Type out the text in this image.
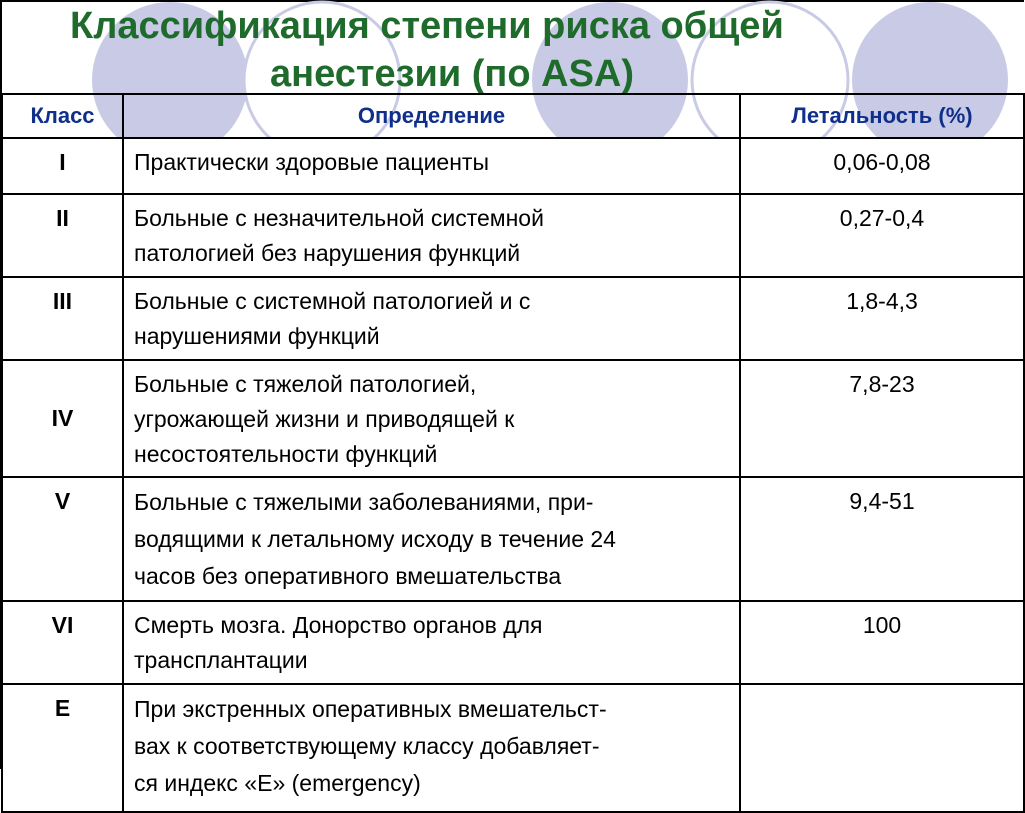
Классификация степени риска общей
анестезии (по ASA)
Класс	Определение	Летальность (%)
I	Практически здоровые пациенты	0,06-0,08
II	Больные с незначительной системной
патологией без нарушения функций	0,27-0,4
III	Больные с системной патологией и с
нарушениями функций	1,8-4,3
IV	Больные с тяжелой патологией,
угрожающей жизни и приводящей к
несостоятельности функций	7,8-23
V	Больные с тяжелыми заболеваниями, при-
водящими к летальному исходу в течение 24
часов без оперативного вмешательства	9,4-51
VI	Смерть мозга. Донорство органов для
трансплантации	100
E	При экстренных оперативных вмешательст-
вах к соответствующему классу добавляет-
ся индекс «Е» (emergency)	
